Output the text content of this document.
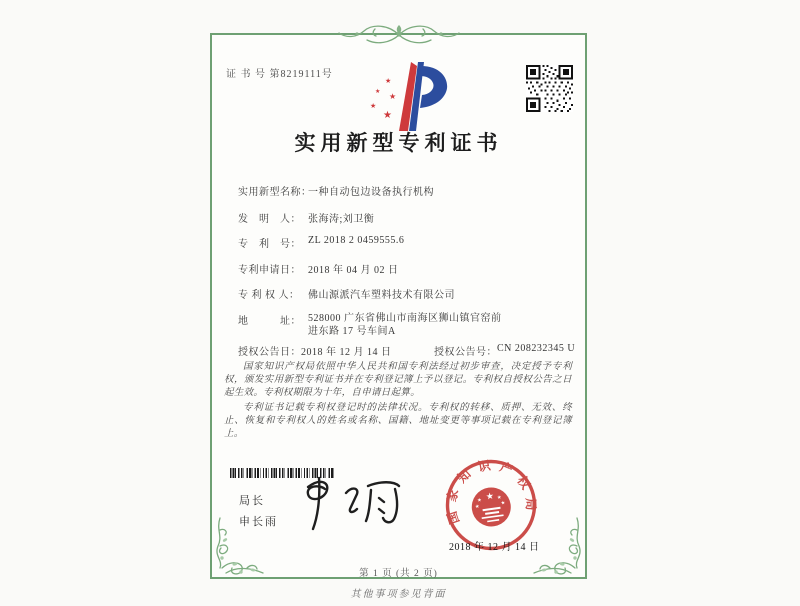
证 书 号 第8219111号
★
★
★
★
★
实用新型专利证书
实用新型名称：一种自动包边设备执行机构
发　明　人： 张海涛;刘卫衡
专　利　号： ZL 2018 2 0459555.6
专利申请日： 2018 年 04 月 02 日
专 利 权 人： 佛山源派汽车塑料技术有限公司
地　　　址： 528000 广东省佛山市南海区狮山镇官窑前进东路 17 号车间A
授权公告日：2018 年 12 月 14 日	授权公告号：CN 208232345 U

国家知识产权局依照中华人民共和国专利法经过初步审查，决定授予专利权，颁发实用新型专利证书并在专利登记簿上予以登记。专利权自授权公告之日起生效。专利权期限为十年，自申请日起算。

专利证书记载专利权登记时的法律状况。专利权的转移、质押、无效、终止、恢复和专利权人的姓名或名称、国籍、地址变更等事项记载在专利登记簿上。

局长
申长雨	国家知识产权局
★
★	★
★
★
2018 年 12 月 14 日
第 1 页 (共 2 页)
其他事项参见背面
